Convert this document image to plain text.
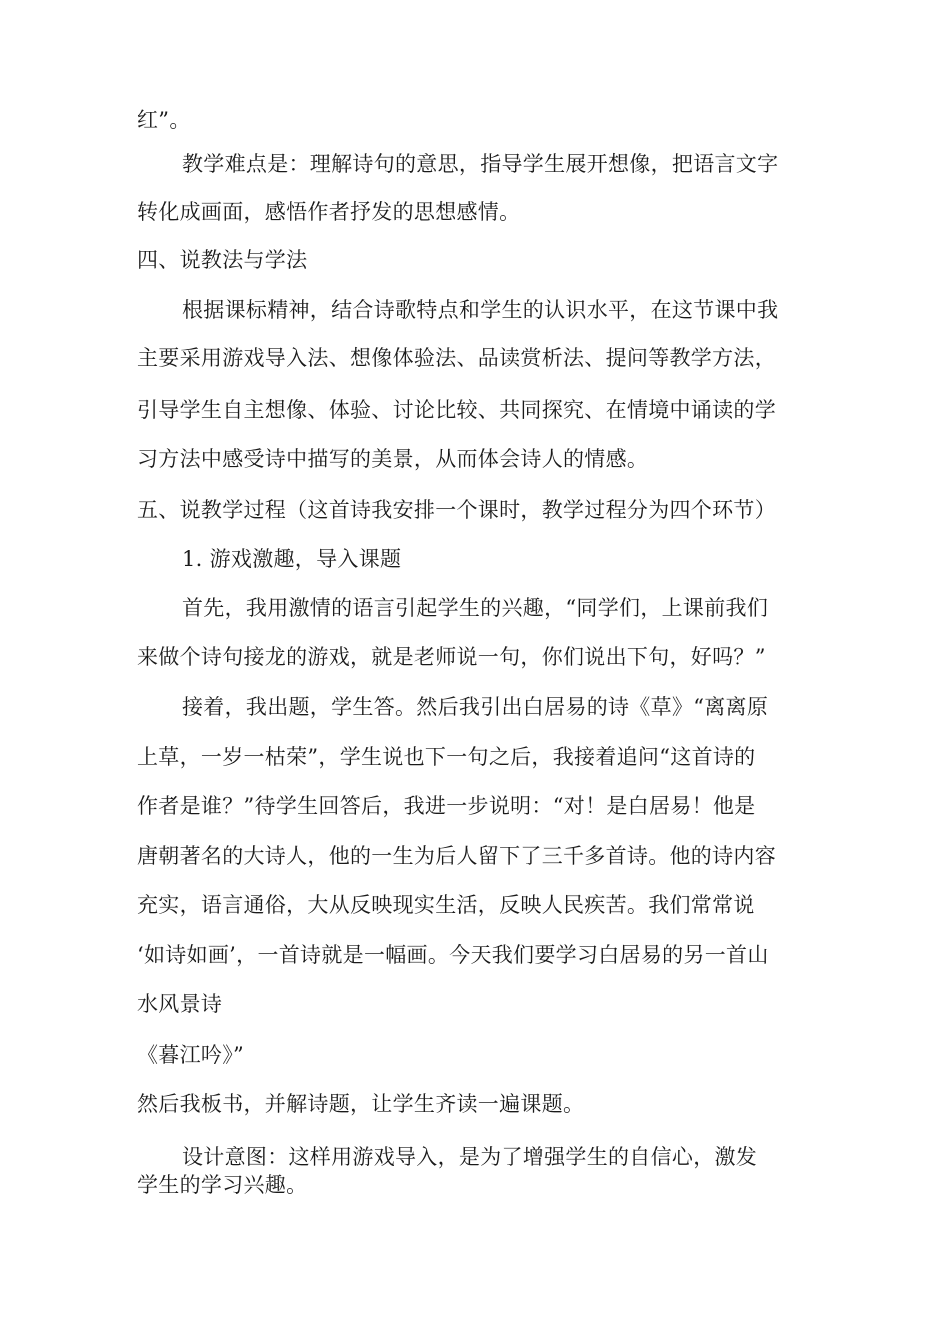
红”。

教学难点是：理解诗句的意思，指导学生展开想像，把语言文字

转化成画面，感悟作者抒发的思想感情。

四、说教法与学法

根据课标精神，结合诗歌特点和学生的认识水平，在这节课中我

主要采用游戏导入法、想像体验法、品读赏析法、提问等教学方法，

引导学生自主想像、体验、讨论比较、共同探究、在情境中诵读的学

习方法中感受诗中描写的美景，从而体会诗人的情感。

五、说教学过程（这首诗我安排一个课时，教学过程分为四个环节）

1. 游戏激趣，导入课题

首先，我用激情的语言引起学生的兴趣，“同学们，上课前我们

来做个诗句接龙的游戏，就是老师说一句，你们说出下句，好吗？”

接着，我出题，学生答。然后我引出白居易的诗《草》“离离原

上草，一岁一枯荣”，学生说也下一句之后，我接着追问“这首诗的

作者是谁？”待学生回答后，我进一步说明：“对！是白居易！他是

唐朝著名的大诗人，他的一生为后人留下了三千多首诗。他的诗内容

充实，语言通俗，大从反映现实生活，反映人民疾苦。我们常常说

‘如诗如画’，一首诗就是一幅画。今天我们要学习白居易的另一首山

水风景诗

《暮江吟》”

然后我板书，并解诗题，让学生齐读一遍课题。

设计意图：这样用游戏导入，是为了增强学生的自信心，激发

学生的学习兴趣。
